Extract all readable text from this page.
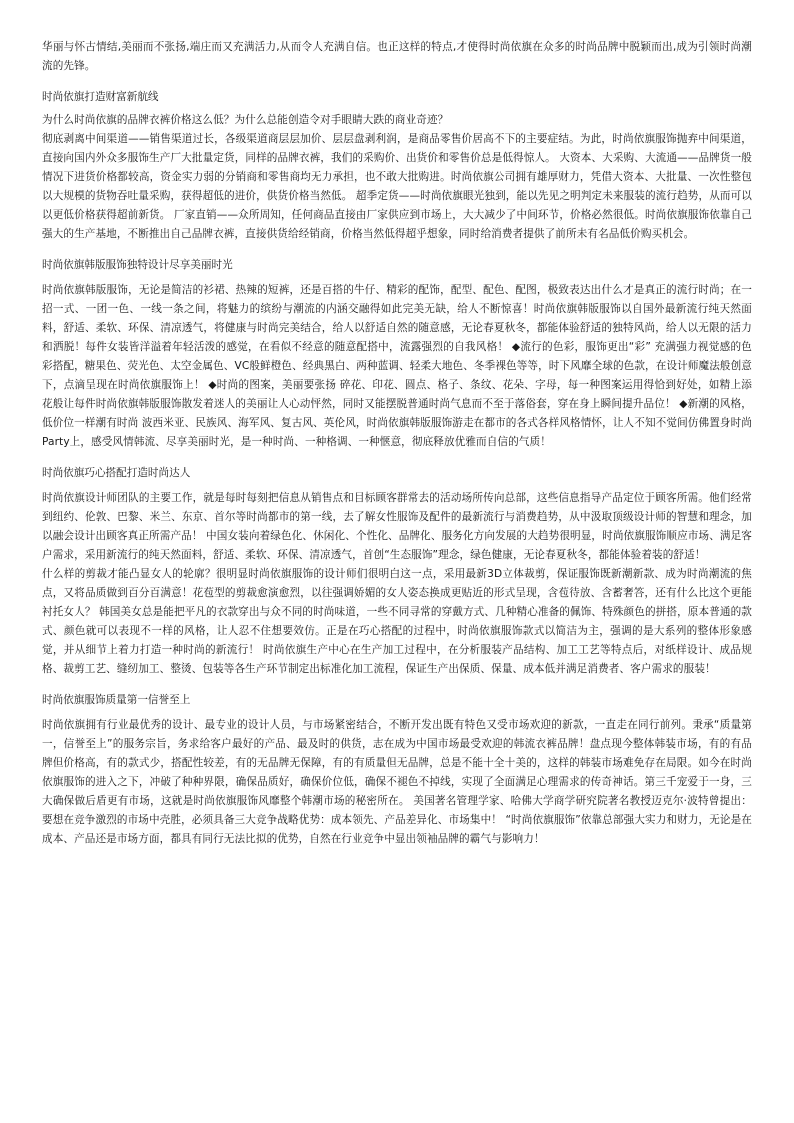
华丽与怀古情结,美丽而不张扬,端庄而又充满活力,从而令人充满自信。也正这样的特点,才使得时尚依旗在众多的时尚品牌中脱颖而出,成为引领时尚潮流的先锋。

时尚依旗打造财富新航线

为什么时尚依旗的品牌衣裤价格这么低？为什么总能创造令对手眼睛大跌的商业奇迹？

彻底剥离中间渠道——销售渠道过长，各级渠道商层层加价、层层盘剥利润，是商品零售价居高不下的主要症结。为此，时尚依旗服饰抛弃中间渠道，直接向国内外众多服饰生产厂大批量定货，同样的品牌衣裤，我们的采购价、出货价和零售价总是低得惊人。 大资本、大采购、大流通——品牌货一般情况下进货价格都较高，资金实力弱的分销商和零售商均无力承担，也不敢大批购进。时尚依旗公司拥有雄厚财力，凭借大资本、大批量、一次性整包以大规模的货物吞吐量采购，获得超低的进价，供货价格当然低。 超季定货——时尚依旗眼光独到，能以先见之明判定未来服装的流行趋势，从而可以以更低价格获得超前新货。 厂家直销——众所周知，任何商品直接由厂家供应到市场上，大大减少了中间环节，价格必然很低。时尚依旗服饰依靠自己强大的生产基地，不断推出自己品牌衣裤，直接供货给经销商，价格当然低得超乎想象，同时给消费者提供了前所未有名品低价购买机会。

时尚依旗韩版服饰独特设计尽享美丽时光

时尚依旗韩版服饰，无论是简洁的衫裙、热辣的短裤，还是百搭的牛仔、精彩的配饰，配型、配色、配图，极致表达出什么才是真正的流行时尚；在一招一式、一团一色、一线一条之间，将魅力的缤纷与潮流的内涵交融得如此完美无缺，给人不断惊喜！时尚依旗韩版服饰以自国外最新流行纯天然面料，舒适、柔软、环保、清凉透气，将健康与时尚完美结合，给人以舒适自然的随意感，无论春夏秋冬，都能体验舒适的独特风尚，给人以无限的活力和洒脱！每件女装皆洋溢着年轻活泼的感觉，在看似不经意的随意配搭中，流露强烈的自我风格！ ◆流行的色彩，服饰更出“彩” 充满强力视觉感的色彩搭配，糖果色、荧光色、太空金属色、VC般鲜橙色、经典黑白、两种蓝调、轻柔大地色、冬季裸色等等，时下风靡全球的色款，在设计师魔法般创意下，点滴呈现在时尚依旗服饰上！ ◆时尚的图案，美丽要张扬 碎花、印花、圆点、格子、条纹、花朵、字母，每一种图案运用得恰到好处，如精上添花般让每件时尚依旗韩版服饰散发着迷人的美丽让人心动怦然，同时又能摆脱普通时尚气息而不至于落俗套，穿在身上瞬间提升品位！ ◆新潮的风格，低价位一样潮有时尚 波西米亚、民族风、海军风、复古风、英伦风，时尚依旗韩版服饰游走在都市的各式各样风格情怀，让人不知不觉间仿佛置身时尚Party上，感受风情韩流、尽享美丽时光，是一种时尚、一种格调、一种惬意，彻底释放优雅而自信的气质！

时尚依旗巧心搭配打造时尚达人

时尚依旗设计师团队的主要工作，就是每时每刻把信息从销售点和目标顾客群常去的活动场所传向总部，这些信息指导产品定位于顾客所需。他们经常到纽约、伦敦、巴黎、米兰、东京、首尔等时尚都市的第一线，去了解女性服饰及配件的最新流行与消费趋势，从中汲取顶级设计师的智慧和理念，加以融会设计出顾客真正所需产品！ 中国女装向着绿色化、休闲化、个性化、品牌化、服务化方向发展的大趋势很明显，时尚依旗服饰顺应市场、满足客户需求，采用新流行的纯天然面料，舒适、柔软、环保、清凉透气，首创“生态服饰”理念，绿色健康，无论春夏秋冬，都能体验着装的舒适！

什么样的剪裁才能凸显女人的轮廓？很明显时尚依旗服饰的设计师们很明白这一点，采用最新3D立体裁剪，保证服饰既新潮新款、成为时尚潮流的焦点，又将品质做到百分百满意！花苞型的剪裁愈演愈烈，以往强调娇媚的女人姿态换成更贴近的形式呈现，含苞待放、含蓄奢答，还有什么比这个更能衬托女人？ 韩国美女总是能把平凡的衣款穿出与众不同的时尚味道，一些不同寻常的穿戴方式、几种精心准备的佩饰、特殊颜色的拼搭，原本普通的款式、颜色就可以表现不一样的风格，让人忍不住想要效仿。正是在巧心搭配的过程中，时尚依旗服饰款式以简洁为主，强调的是大系列的整体形象感觉，并从细节上着力打造一种时尚的新流行！ 时尚依旗生产中心在生产加工过程中，在分析服装产品结构、加工工艺等特点后，对纸样设计、成品规格、裁剪工艺、缝纫加工、整烫、包装等各生产环节制定出标准化加工流程，保证生产出保质、保量、成本低并满足消费者、客户需求的服装！

时尚依旗服饰质量第一信誉至上

时尚依旗拥有行业最优秀的设计、最专业的设计人员，与市场紧密结合，不断开发出既有特色又受市场欢迎的新款，一直走在同行前列。秉承“质量第一，信誉至上”的服务宗旨，务求给客户最好的产品、最及时的供货，志在成为中国市场最受欢迎的韩流衣裤品牌！盘点现今整体韩装市场，有的有品牌但价格高，有的款式少，搭配性较差，有的无品牌无保障，有的有质量但无品牌，总是不能十全十美的，这样的韩装市场难免存在局限。如今在时尚依旗服饰的进入之下，冲破了种种界限，确保品质好，确保价位低，确保不褪色不掉线，实现了全面满足心理需求的传奇神话。第三千宠爱于一身，三大确保做后盾更有市场，这就是时尚依旗服饰风靡整个韩潮市场的秘密所在。 美国著名管理学家、哈佛大学商学研究院著名教授迈克尔·波特曾提出：要想在竞争激烈的市场中壳胜，必须具备三大竞争战略优势：成本领先、产品差异化、市场集中！ “时尚依旗服饰”依靠总部强大实力和财力，无论是在成本、产品还是市场方面，都具有同行无法比拟的优势，自然在行业竞争中显出领袖品牌的霸气与影响力！
